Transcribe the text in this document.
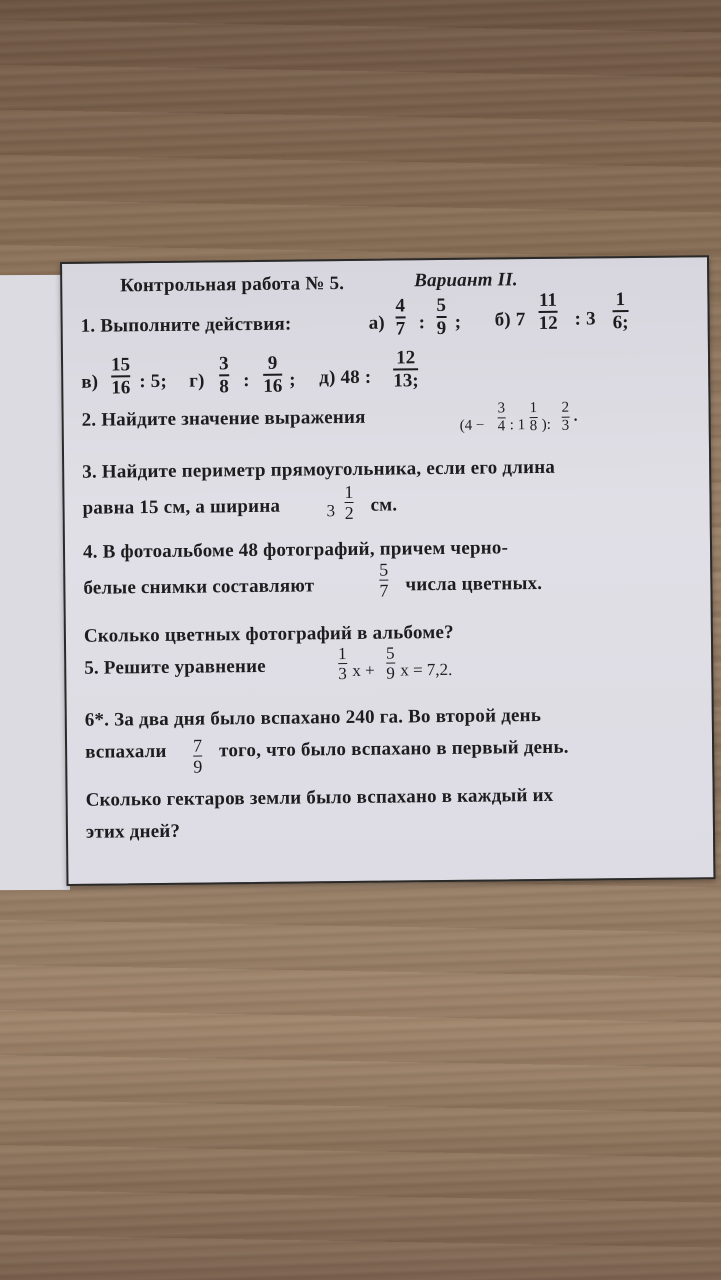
Контрольная работа № 5.	Вариант II.
1. Выполните действия:	а)
4
7 :
5
9 ; б) 7
11
12 : 3
1
6;
в)
15
16 : 5; г)
3
8 :
9
16 ; д) 48 :
12
13;
2. Найдите значение выражения	(4 −
3
4 : 1
1
8 ):
2
3
.
3. Найдите периметр прямоугольника, если его длина
равна 15 см, а ширина	3
1
2 см.
4. В фотоальбоме 48 фотографий, причем черно-
белые снимки составляют
5
7 числа цветных.
Сколько цветных фотографий в альбоме?
5. Решите уравнение
1
3 x +
5
9 x = 7,2.
6*. За два дня было вспахано 240 га. Во второй день
вспахали 7
9
того, что было вспахано в первый день.
Сколько гектаров земли было вспахано в каждый их
этих дней?
